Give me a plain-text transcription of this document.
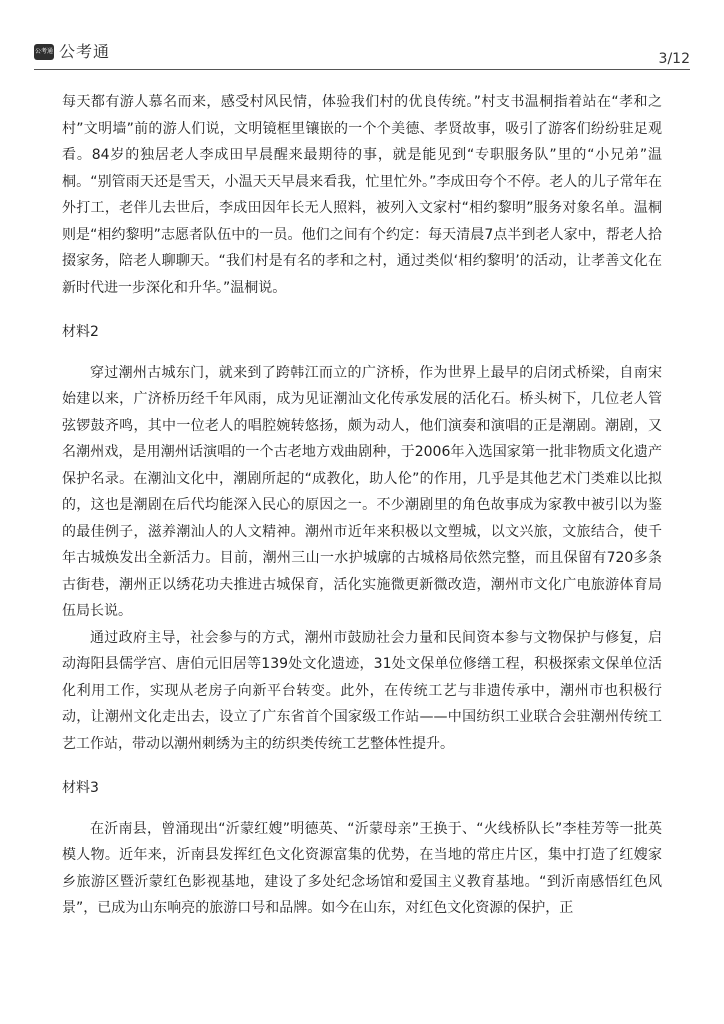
公考通 公考通	3/12

每天都有游人慕名而来，感受村风民情，体验我们村的优良传统。”村支书温桐指着站在“孝和之村”文明墙”前的游人们说，文明镜框里镶嵌的一个个美德、孝贤故事，吸引了游客们纷纷驻足观看。84岁的独居老人李成田早晨醒来最期待的事，就是能见到“专职服务队”里的“小兄弟”温桐。“别管雨天还是雪天，小温天天早晨来看我，忙里忙外。”李成田夸个不停。老人的儿子常年在外打工，老伴儿去世后，李成田因年长无人照料，被列入文家村“相约黎明”服务对象名单。温桐则是“相约黎明”志愿者队伍中的一员。他们之间有个约定：每天清晨7点半到老人家中，帮老人拾掇家务，陪老人聊聊天。“我们村是有名的孝和之村，通过类似‘相约黎明’的活动，让孝善文化在新时代进一步深化和升华。”温桐说。

材料2

穿过潮州古城东门，就来到了跨韩江而立的广济桥，作为世界上最早的启闭式桥梁，自南宋始建以来，广济桥历经千年风雨，成为见证潮汕文化传承发展的活化石。桥头树下，几位老人管弦锣鼓齐鸣，其中一位老人的唱腔婉转悠扬，颇为动人，他们演奏和演唱的正是潮剧。潮剧，又名潮州戏，是用潮州话演唱的一个古老地方戏曲剧种，于2006年入选国家第一批非物质文化遗产保护名录。在潮汕文化中，潮剧所起的“成教化，助人伦”的作用，几乎是其他艺术门类难以比拟的，这也是潮剧在后代均能深入民心的原因之一。不少潮剧里的角色故事成为家教中被引以为鉴的最佳例子，滋养潮汕人的人文精神。潮州市近年来积极以文塑城，以文兴旅，文旅结合，使千年古城焕发出全新活力。目前，潮州三山一水护城廓的古城格局依然完整，而且保留有720多条古街巷，潮州正以绣花功夫推进古城保育，活化实施微更新微改造，潮州市文化广电旅游体育局伍局长说。

通过政府主导，社会参与的方式，潮州市鼓励社会力量和民间资本参与文物保护与修复，启动海阳县儒学宫、唐伯元旧居等139处文化遗迹，31处文保单位修缮工程，积极探索文保单位活化利用工作，实现从老房子向新平台转变。此外，在传统工艺与非遗传承中，潮州市也积极行动，让潮州文化走出去，设立了广东省首个国家级工作站——中国纺织工业联合会驻潮州传统工艺工作站，带动以潮州刺绣为主的纺织类传统工艺整体性提升。

材料3

在沂南县，曾涌现出“沂蒙红嫂”明德英、“沂蒙母亲”王换于、“火线桥队长”李桂芳等一批英模人物。近年来，沂南县发挥红色文化资源富集的优势，在当地的常庄片区，集中打造了红嫂家乡旅游区暨沂蒙红色影视基地，建设了多处纪念场馆和爱国主义教育基地。“到沂南感悟红色风景”，已成为山东响亮的旅游口号和品牌。如今在山东，对红色文化资源的保护，正
